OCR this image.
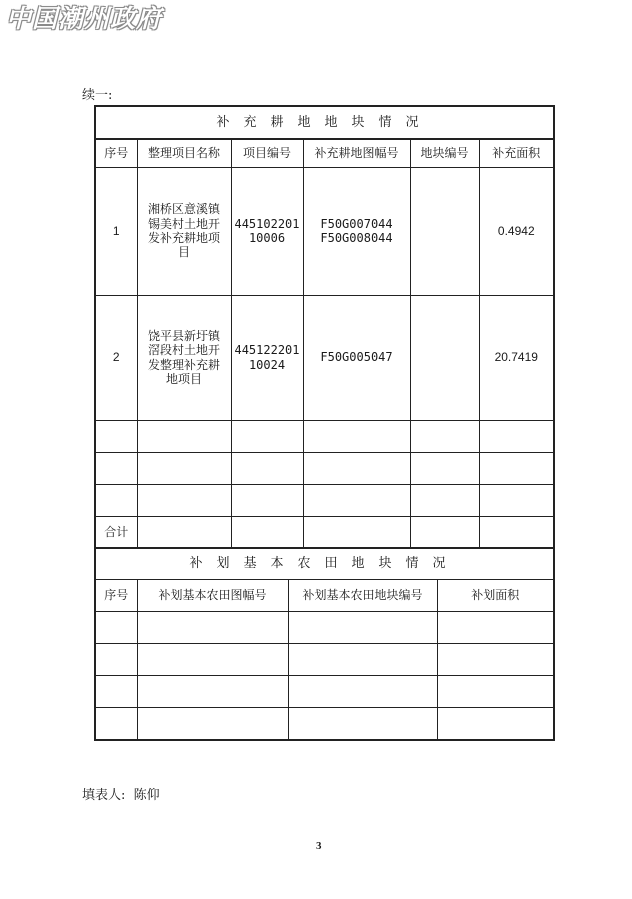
中国潮州政府
续一:
补充耕地地块情况					
序号	整理项目名称	项目编号	补充耕地图幅号	地块编号	补充面积
1	湘桥区意溪镇
锡美村土地开
发补充耕地项
目	445102201
10006	F50G007044
F50G008044		0.4942
2	饶平县新圩镇
滘段村土地开
发整理补充耕
地项目	445122201
10024	F50G005047		20.7419

合计					
补划基本农田地块情况			
序号	补划基本农田图幅号	补划基本农田地块编号	补划面积

填表人: 陈仰
3
